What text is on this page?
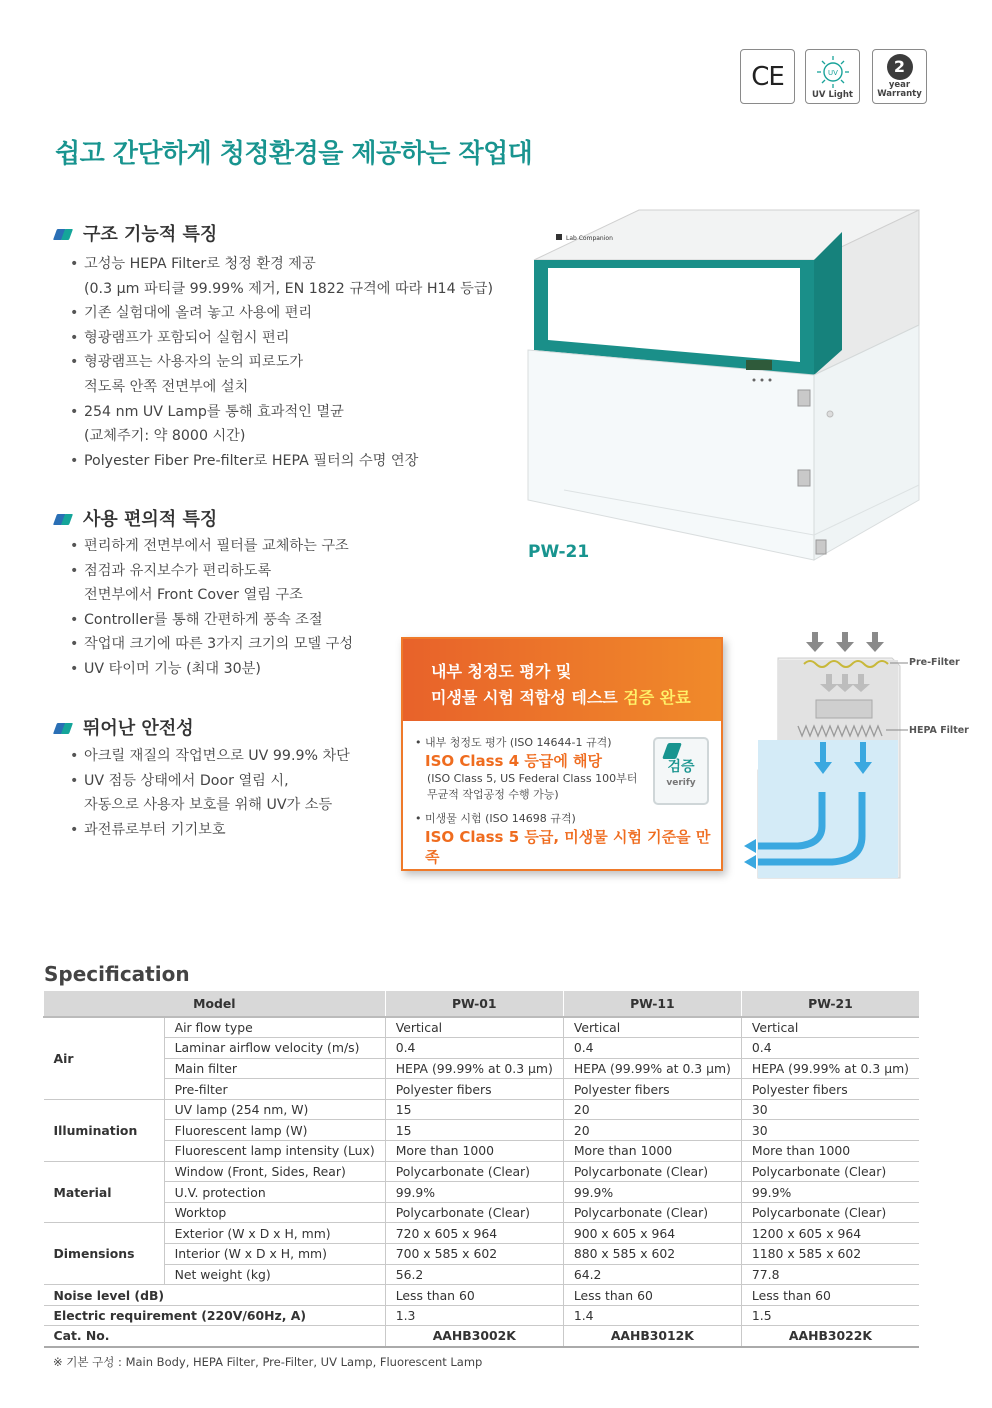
CE	UV
UV Light
2
year
Warranty
쉽고 간단하게 청정환경을 제공하는 작업대
구조 기능적 특징
• 고성능 HEPA Filter로 청정 환경 제공
(0.3 μm 파티클 99.99% 제거, EN 1822 규격에 따라 H14 등급)
• 기존 실험대에 올려 놓고 사용에 편리
• 형광램프가 포함되어 실험시 편리
• 형광램프는 사용자의 눈의 피로도가
적도록 안쪽 전면부에 설치
• 254 nm UV Lamp를 통해 효과적인 멸균
(교체주기: 약 8000 시간)
• Polyester Fiber Pre-filter로 HEPA 필터의 수명 연장
사용 편의적 특징
• 편리하게 전면부에서 필터를 교체하는 구조
• 점검과 유지보수가 편리하도록
전면부에서 Front Cover 열림 구조
• Controller를 통해 간편하게 풍속 조절
• 작업대 크기에 따른 3가지 크기의 모델 구성
• UV 타이머 기능 (최대 30분)
뛰어난 안전성
• 아크릴 재질의 작업면으로 UV 99.9% 차단
• UV 점등 상태에서 Door 열림 시,
자동으로 사용자 보호를 위해 UV가 소등
• 과전류로부터 기기보호
Lab Companion
PW-21
내부 청정도 평가 및
미생물 시험 적합성 테스트 검증 완료
• 내부 청정도 평가 (ISO 14644-1 규격)
ISO Class 4 등급에 해당
(ISO Class 5, US Federal Class 100부터
무균적 작업공정 수행 가능)
• 미생물 시험 (ISO 14698 규격)
ISO Class 5 등급, 미생물 시험 기준을 만족
검증
verify
Pre-Filter
HEPA Filter
Specification
Model		PW-01	PW-11	PW-21
Air	Air flow type	Vertical	Vertical	Vertical
	Laminar airflow velocity (m/s)	0.4	0.4	0.4
	Main filter	HEPA (99.99% at 0.3 μm)	HEPA (99.99% at 0.3 μm)	HEPA (99.99% at 0.3 μm)
	Pre-filter	Polyester fibers	Polyester fibers	Polyester fibers
Illumination	UV lamp (254 nm, W)	15	20	30
	Fluorescent lamp (W)	15	20	30
	Fluorescent lamp intensity (Lux)	More than 1000	More than 1000	More than 1000
Material	Window (Front, Sides, Rear)	Polycarbonate (Clear)	Polycarbonate (Clear)	Polycarbonate (Clear)
	U.V. protection	99.9%	99.9%	99.9%
	Worktop	Polycarbonate (Clear)	Polycarbonate (Clear)	Polycarbonate (Clear)
Dimensions	Exterior (W x D x H, mm)	720 x 605 x 964	900 x 605 x 964	1200 x 605 x 964
	Interior (W x D x H, mm)	700 x 585 x 602	880 x 585 x 602	1180 x 585 x 602
	Net weight (kg)	56.2	64.2	77.8
Noise level (dB)		Less than 60	Less than 60	Less than 60
Electric requirement (220V/60Hz, A)		1.3	1.4	1.5
Cat. No.		AAHB3002K	AAHB3012K	AAHB3022K
※ 기본 구성 : Main Body, HEPA Filter, Pre-Filter, UV Lamp, Fluorescent Lamp
